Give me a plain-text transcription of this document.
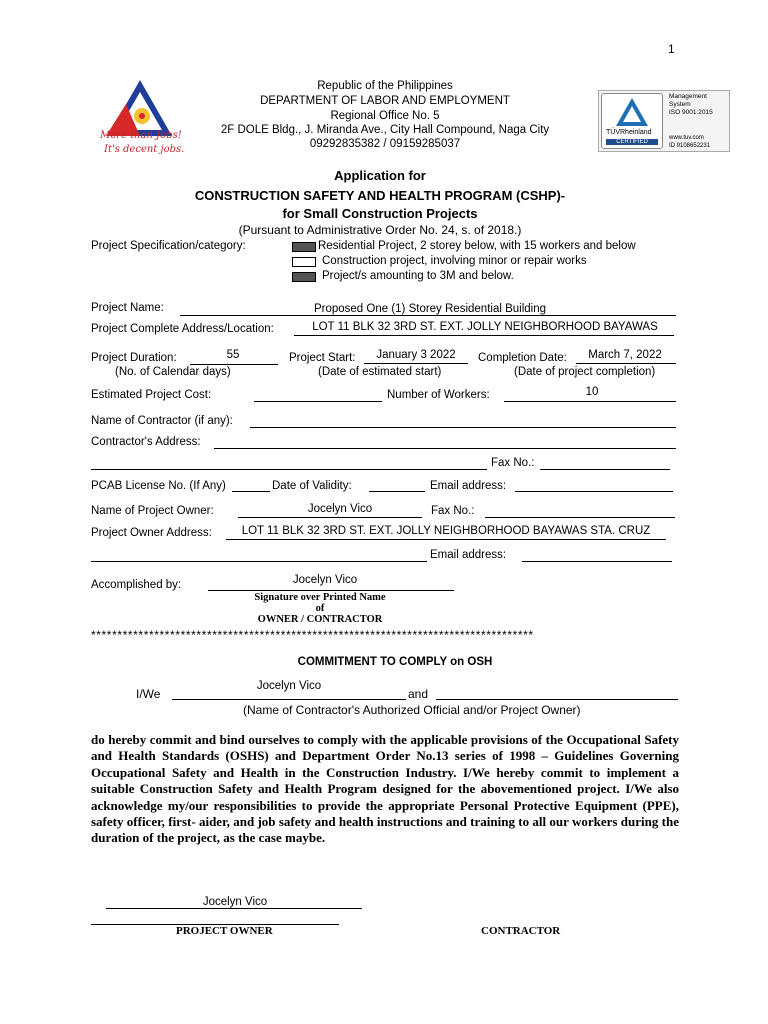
1
More than Jobs!
It's decent jobs.
Republic of the Philippines
DEPARTMENT OF LABOR AND EMPLOYMENT
Regional Office No. 5
2F DOLE Bldg., J. Miranda Ave., City Hall Compound, Naga City
09292835382 / 09159285037
TÜVRheinland
CERTIFIED
Management
System
ISO 9001:2015
www.tuv.com
ID 9108652231
Application for
CONSTRUCTION SAFETY AND HEALTH PROGRAM (CSHP)-
for Small Construction Projects
(Pursuant to Administrative Order No. 24, s. of 2018.)
Project Specification/category:	Residential Project, 2 storey below, with 15 workers and below
Construction project, involving minor or repair works
Project/s amounting to 3M and below.
Project Name:	Proposed One (1) Storey Residential Building
Project Complete Address/Location:	LOT 11 BLK 32 3RD ST. EXT. JOLLY NEIGHBORHOOD BAYAWAS
Project Duration:	55
(No. of Calendar days)
Project Start:	January 3 2022
(Date of estimated start)
Completion Date:	March 7, 2022
(Date of project completion)
Estimated Project Cost:	Number of Workers:	10
Name of Contractor (if any):
Contractor's Address:
Fax No.:
PCAB License No. (If Any)	Date of Validity:	Email address:
Name of Project Owner:	Jocelyn Vico	Fax No.:
Project Owner Address:	LOT 11 BLK 32 3RD ST. EXT. JOLLY NEIGHBORHOOD BAYAWAS STA. CRUZ
Email address:
Accomplished by:	Jocelyn Vico
Signature over Printed Name
of
OWNER / CONTRACTOR
************************************************************************************
COMMITMENT TO COMPLY on OSH
I/We
Jocelyn Vico
and
(Name of Contractor's Authorized Official and/or Project Owner)
do hereby commit and bind ourselves to comply with the applicable provisions of the Occupational Safety and Health Standards (OSHS) and Department Order No.13 series of 1998 – Guidelines Governing Occupational Safety and Health in the Construction Industry. I/We hereby commit to implement a suitable Construction Safety and Health Program designed for the abovementioned project. I/We also acknowledge my/our responsibilities to provide the appropriate Personal Protective Equipment (PPE), safety officer, first- aider, and job safety and health instructions and training to all our workers during the duration of the project, as the case maybe.
Jocelyn Vico
PROJECT OWNER	CONTRACTOR
